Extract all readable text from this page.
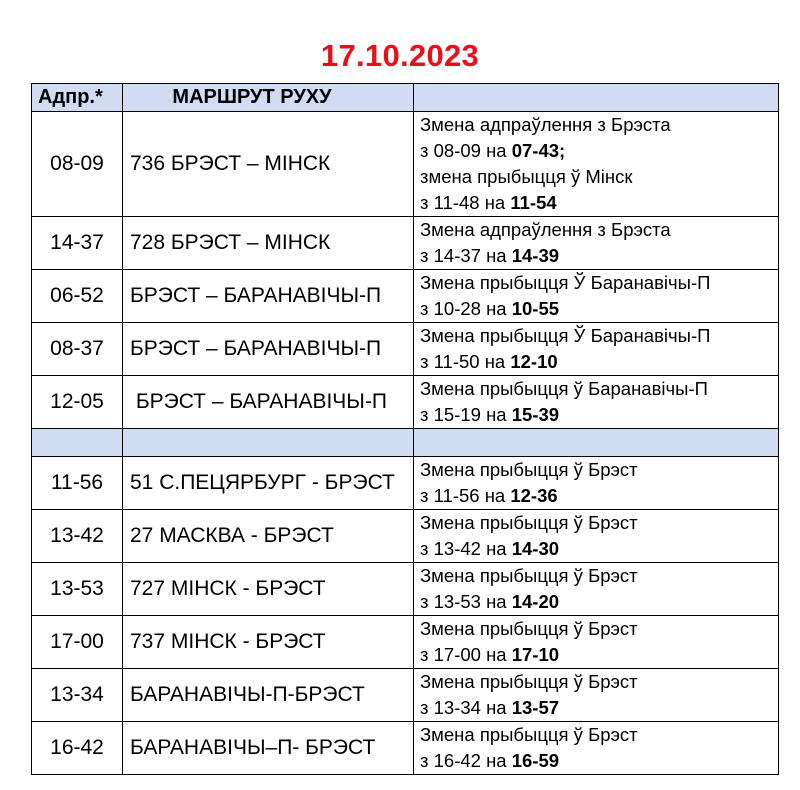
17.10.2023
Адпр.*	МАРШРУТ РУХУ	
08-09	736 БРЭСТ – МІНСК	Змена адпраўлення з Брэста
з 08-09 на 07-43;
змена прыбыцця ў Мінск
з 11-48 на 11-54

14-37	728 БРЭСТ – МІНСК	Змена адпраўлення з Брэста
з 14-37 на 14-39

06-52	БРЭСТ – БАРАНАВІЧЫ-П	Змена прыбыцця Ў Баранавічы-П
з 10-28 на 10-55

08-37	БРЭСТ – БАРАНАВІЧЫ-П	Змена прыбыцця Ў Баранавічы-П
з 11-50 на 12-10

12-05	БРЭСТ – БАРАНАВІЧЫ-П	Змена прыбыцця ў Баранавічы-П
з 15-19 на 15-39

11-56	51 С.ПЕЦЯРБУРГ - БРЭСТ	Змена прыбыцця ў Брэст
з 11-56 на 12-36

13-42	27 МАСКВА - БРЭСТ	Змена прыбыцця ў Брэст
з 13-42 на 14-30

13-53	727 МІНСК - БРЭСТ	Змена прыбыцця ў Брэст
з 13-53 на 14-20

17-00	737 МІНСК - БРЭСТ	Змена прыбыцця ў Брэст
з 17-00 на 17-10

13-34	БАРАНАВІЧЫ-П-БРЭСТ	Змена прыбыцця ў Брэст
з 13-34 на 13-57

16-42	БАРАНАВІЧЫ–П- БРЭСТ	Змена прыбыцця ў Брэст
з 16-42 на 16-59
